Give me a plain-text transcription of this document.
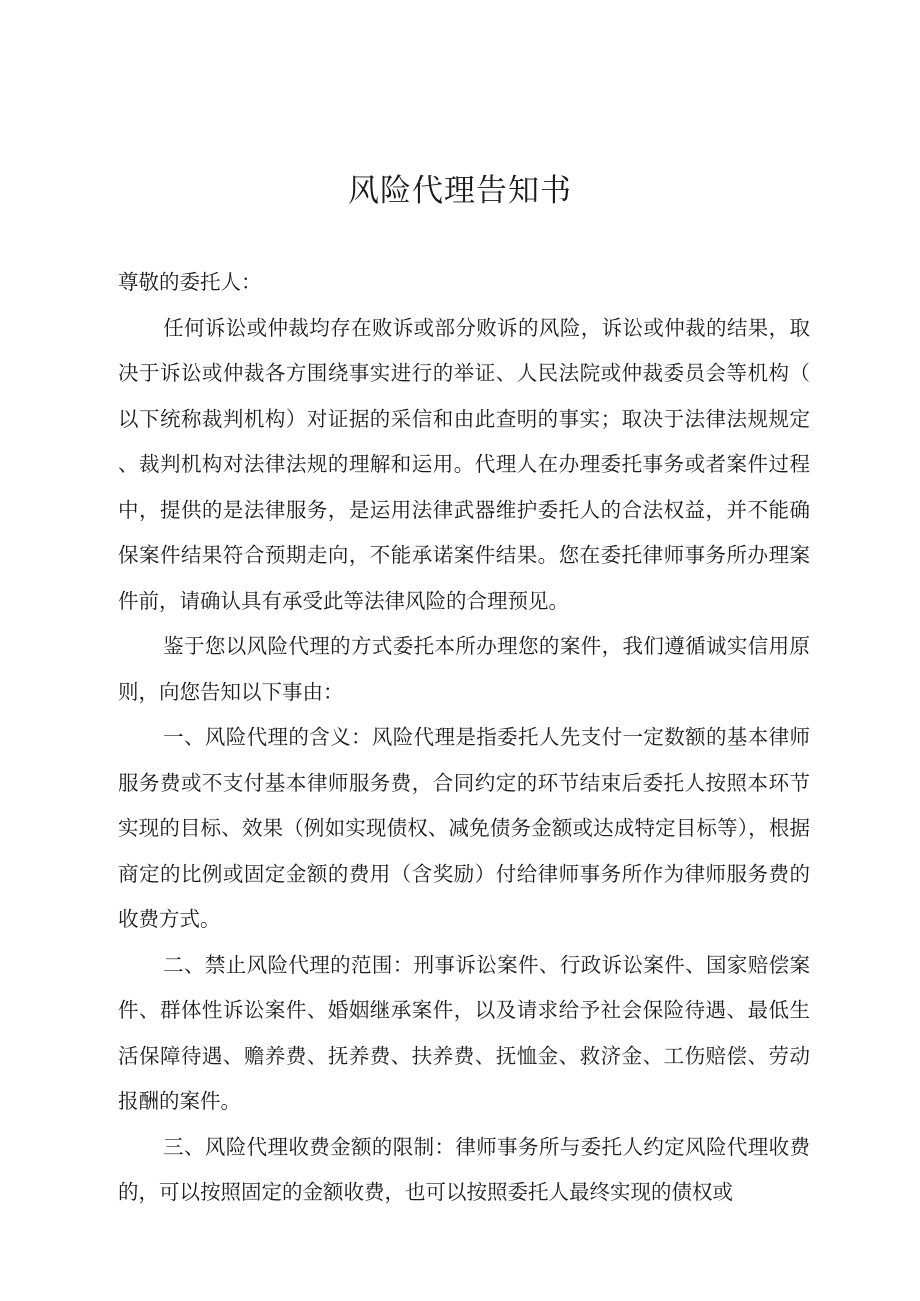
风险代理告知书

尊敬的委托人：

任何诉讼或仲裁均存在败诉或部分败诉的风险，诉讼或仲裁的结果，取决于诉讼或仲裁各方围绕事实进行的举证、人民法院或仲裁委员会等机构（以下统称裁判机构）对证据的采信和由此查明的事实；取决于法律法规规定、裁判机构对法律法规的理解和运用。代理人在办理委托事务或者案件过程中，提供的是法律服务，是运用法律武器维护委托人的合法权益，并不能确保案件结果符合预期走向，不能承诺案件结果。您在委托律师事务所办理案件前，请确认具有承受此等法律风险的合理预见。

鉴于您以风险代理的方式委托本所办理您的案件，我们遵循诚实信用原则，向您告知以下事由：

一、风险代理的含义：风险代理是指委托人先支付一定数额的基本律师服务费或不支付基本律师服务费，合同约定的环节结束后委托人按照本环节实现的目标、效果（例如实现债权、减免债务金额或达成特定目标等），根据商定的比例或固定金额的费用（含奖励）付给律师事务所作为律师服务费的收费方式。

二、禁止风险代理的范围：刑事诉讼案件、行政诉讼案件、国家赔偿案件、群体性诉讼案件、婚姻继承案件，以及请求给予社会保险待遇、最低生活保障待遇、赡养费、抚养费、扶养费、抚恤金、救济金、工伤赔偿、劳动报酬的案件。

三、风险代理收费金额的限制：律师事务所与委托人约定风险代理收费的，可以按照固定的金额收费，也可以按照委托人最终实现的债权或
